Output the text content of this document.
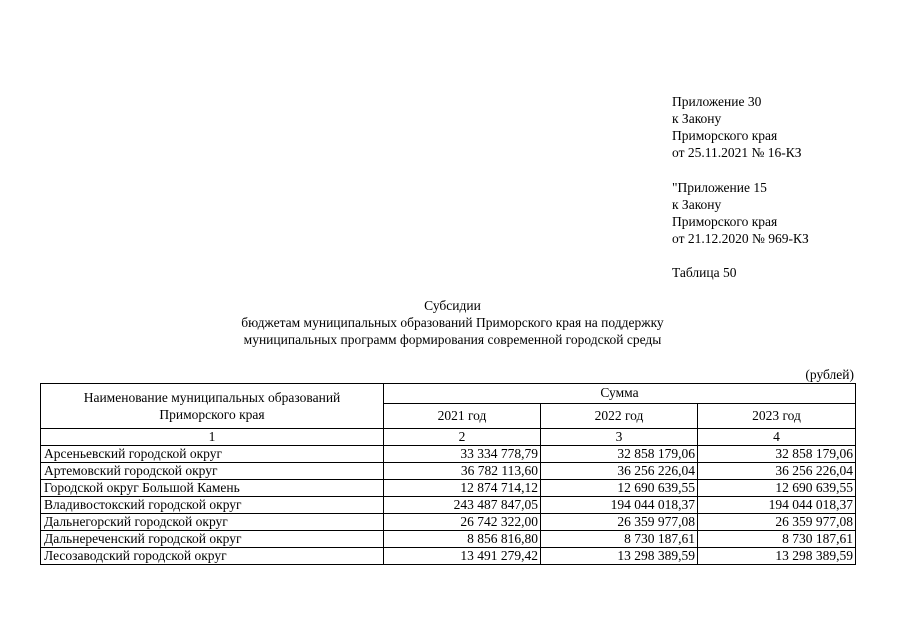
Приложение 30
к Закону
Приморского края
от 25.11.2021 № 16-КЗ
"Приложение 15
к Закону
Приморского края
от 21.12.2020 № 969-КЗ
Таблица 50
Субсидии
бюджетам муниципальных образований Приморского края на поддержку
муниципальных программ формирования современной городской среды
(рублей)
Наименование муниципальных образований Приморского края	Сумма		
	2021 год	2022 год	2023 год
1	2	3	4
Арсеньевский городской округ	33 334 778,79	32 858 179,06	32 858 179,06
Артемовский городской округ	36 782 113,60	36 256 226,04	36 256 226,04
Городской округ Большой Камень	12 874 714,12	12 690 639,55	12 690 639,55
Владивостокский городской округ	243 487 847,05	194 044 018,37	194 044 018,37
Дальнегорский городской округ	26 742 322,00	26 359 977,08	26 359 977,08
Дальнереченский городской округ	8 856 816,80	8 730 187,61	8 730 187,61
Лесозаводский городской округ	13 491 279,42	13 298 389,59	13 298 389,59
